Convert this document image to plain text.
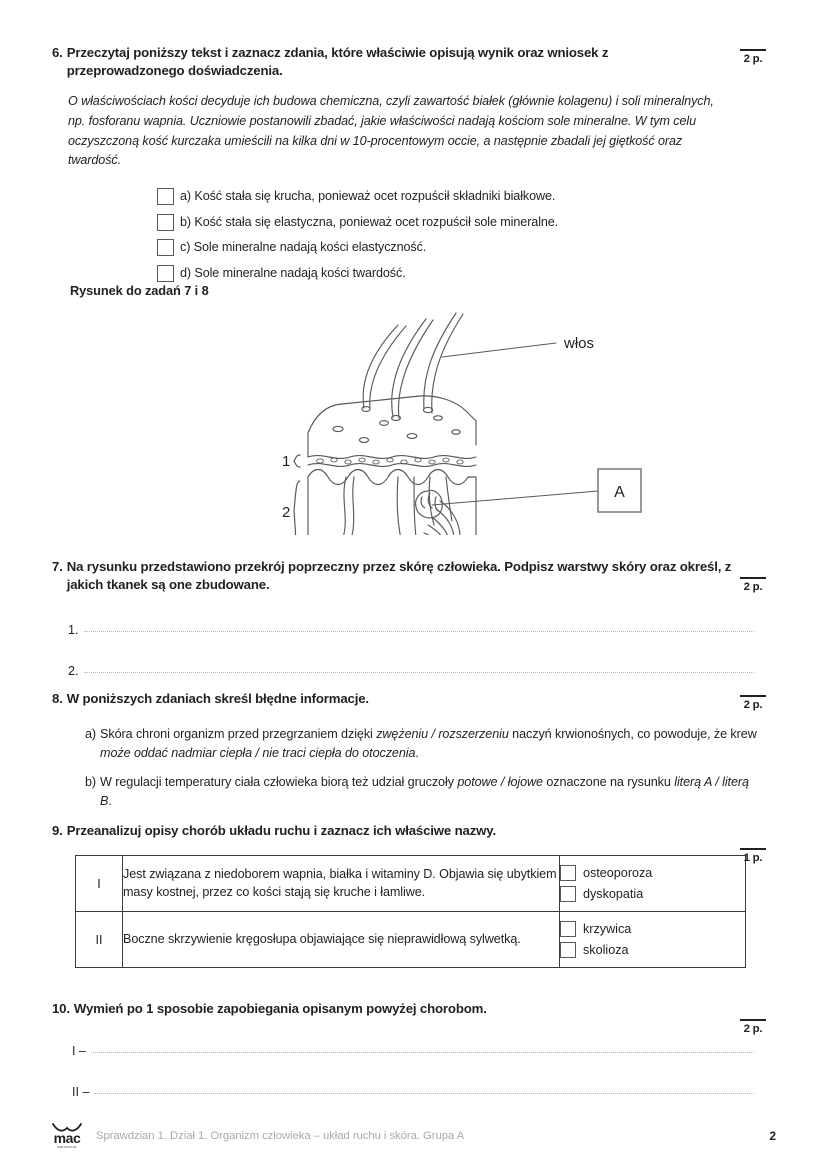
2 p.
6. Przeczytaj poniższy tekst i zaznacz zdania, które właściwie opisują wynik oraz wniosek z przeprowadzonego doświadczenia.
O właściwościach kości decyduje ich budowa chemiczna, czyli zawartość białek (głównie kolagenu) i soli mineralnych, np. fosforanu wapnia. Uczniowie postanowili zbadać, jakie właściwości nadają kościom sole mineralne. W tym celu oczyszczoną kość kurczaka umieścili na kilka dni w 10-procentowym occie, a następnie zbadali jej giętkość oraz twardość.
a) Kość stała się krucha, ponieważ ocet rozpuścił składniki białkowe.
b) Kość stała się elastyczna, ponieważ ocet rozpuścił sole mineralne.
c) Sole mineralne nadają kości elastyczność.
d) Sole mineralne nadają kości twardość.
Rysunek do zadań 7 i 8
1
2
włos
A
2 p.
7. Na rysunku przedstawiono przekrój poprzeczny przez skórę człowieka. Podpisz warstwy skóry oraz określ, z jakich tkanek są one zbudowane.
1.
2.
2 p.
8. W poniższych zdaniach skreśl błędne informacje.
a) Skóra chroni organizm przed przegrzaniem dzięki zwężeniu / rozszerzeniu naczyń krwionośnych, co powoduje, że krew może oddać nadmiar ciepła / nie traci ciepła do otoczenia.
b) W regulacji temperatury ciała człowieka biorą też udział gruczoły potowe / łojowe oznaczone na rysunku literą A / literą B.
1 p.
9. Przeanalizuj opisy chorób układu ruchu i zaznacz ich właściwe nazwy.
I	Jest związana z niedoborem wapnia, białka i witaminy D. Objawia się ubytkiem masy kostnej, przez co kości stają się kruche i łamliwe.	osteoporoza
dyskopatia

II	Boczne skrzywienie kręgosłupa objawiające się nieprawidłową sylwetką.	krzywica
skolioza
2 p.
10. Wymień po 1 sposobie zapobiegania opisanym powyżej chorobom.
I –
II –
mac
EDUKACJA
Sprawdzian 1. Dział 1. Organizm człowieka – układ ruchu i skóra. Grupa A	2
